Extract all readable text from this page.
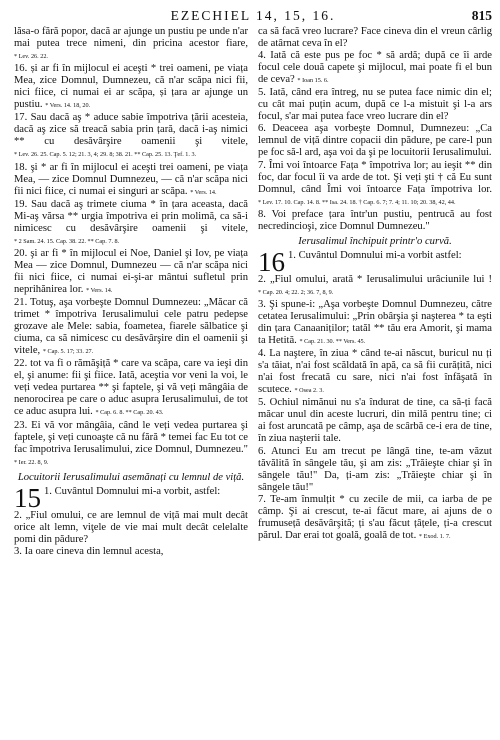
EZECHIEL 14, 15, 16.	815

lăsa-o fără popor, dacă ar ajunge un pustiu pe unde n'ar mai putea trece nimeni, din pricina acestor fiare, * Lev. 26. 22.

16. și ar fi în mijlocul ei aceşti * trei oameni, pe viața Mea, zice Domnul, Dumnezeu, că n'ar scăpa nici fii, nici fiice, ci numai ei ar scăpa, și țara ar ajunge un pustiu. * Vers. 14. 18, 20.

17. Sau dacă aş * aduce sabie împotriva țării acesteia, dacă aş zice să treacă sabia prin țară, dacă i-aş nimici ** cu desăvârşire oamenii şi vitele, * Lev. 26. 25. Cap. 5. 12; 21. 3, 4; 29. 8; 38. 21. ** Cap. 25. 13. Ţef. 1. 3.

18. şi * ar fi în mijlocul ei aceşti trei oameni, pe viața Mea, — zice Domnul Dumnezeu, — că n'ar scăpa nici fii nici fiice, ci numai ei singuri ar scăpa. * Vers. 14.

19. Sau dacă aş trimete ciuma * în țara aceasta, dacă Mi-aş vărsa ** urgia împotriva ei prin molimă, ca să-i nimicesc cu desăvârşire oamenii şi vitele, * 2 Sam. 24. 15. Cap. 38. 22. ** Cap. 7. 8.

20. şi ar fi * în mijlocul ei Noe, Daniel şi Iov, pe viața Mea — zice Domnul, Dumnezeu — că n'ar scăpa nici fii nici fiice, ci numai ei-şi-ar mântui sufletul prin neprihănirea lor. * Vers. 14.

21. Totuş, aşa vorbeşte Domnul Dumnezeu: „Măcar că trimet * împotriva Ierusalimului cele patru pedepse grozave ale Mele: sabia, foametea, fiarele sălbatice şi ciuma, ca să nimicesc cu desăvârşire din el oamenii şi vitele, * Cap. 5. 17; 33. 27.

22. tot va fi o rămăşiță * care va scăpa, care va ieşi din el, şi anume: fii şi fiice. Iată, aceştia vor veni la voi, le veți vedea purtarea ** şi faptele, şi vă veți mângâia de nenorocirea pe care o aduc asupra Ierusalimului, de tot ce aduc asupra lui. * Cap. 6. 8. ** Cap. 20. 43.

23. Ei vă vor mângâia, când le veți vedea purtarea şi faptele, şi veți cunoaşte că nu fără * temei fac Eu tot ce fac împotriva Ierusalimului, zice Domnul, Dumnezeu." * Ier. 22. 8, 9.

Locuitorii Ierusalimului asemănați cu lemnul de viță.
15 1. Cuvântul Domnului mi-a vorbit, astfel:

2. „Fiul omului, ce are lemnul de viță mai mult decât orice alt lemn, viţele de vie mai mult decât celelalte pomi din pădure?

3. Ia oare cineva din lemnul acesta,

ca să facă vreo lucrare? Face cineva din el vreun cârlig de atârnat ceva în el?

4. Iată că este pus pe foc * să ardă; după ce îi arde focul cele două capete şi mijlocul, mai poate fi el bun de ceva? * Ioan 15. 6.

5. Iată, când era întreg, nu se putea face nimic din el; cu cât mai puțin acum, după ce l-a mistuit şi l-a ars focul, s'ar mai putea face vreo lucrare din el?

6. Deaceea aşa vorbeşte Domnul, Dumnezeu: „Ca lemnul de viță dintre copacii din pădure, pe care-l pun pe foc să-l ard, aşa voi da şi pe locuitorii Ierusalimului.

7. Îmi voi întoarce Fața * împotriva lor; au ieşit ** din foc, dar focul îi va arde de tot. Şi veți şti † că Eu sunt Domnul, când Îmi voi întoarce Fața împotriva lor. * Lev. 17. 10. Cap. 14. 8. ** Isa. 24. 18. † Cap. 6. 7; 7. 4; 11. 10; 20. 38, 42, 44.

8. Voi preface țara într'un pustiu, pentrucă au fost necredincioşi, zice Domnul Dumnezeu."

Ierusalimul închipuit printr'o curvă.
16 1. Cuvântul Domnului mi-a vorbit astfel:

2. „Fiul omului, arată * Ierusalimului urâciunile lui ! * Cap. 20. 4; 22. 2; 36. 7, 8, 9.

3. Şi spune-i: „Aşa vorbeşte Domnul Dumnezeu, către cetatea Ierusalimului: „Prin obârşia şi naşterea * ta eşti din țara Canaaniților; tatăl ** tău era Amorit, şi mama ta Hetită. * Cap. 21. 30. ** Vers. 45.

4. La naştere, în ziua * când te-ai născut, buricul nu ți s'a tăiat, n'ai fost scăldată în apă, ca să fii curățită, nici n'ai fost frecată cu sare, nici n'ai fost înfăşată în scutece. * Osea 2. 3.

5. Ochiul nimănui nu s'a îndurat de tine, ca să-ți facă măcar unul din aceste lucruri, din milă pentru tine; ci ai fost aruncată pe câmp, aşa de scârbă ce-i era de tine, în ziua naşterii tale.

6. Atunci Eu am trecut pe lângă tine, te-am văzut tăvălită în sângele tău, şi am zis: „Trăieşte chiar şi în sângele tău!" Da, ți-am zis: „Trăieşte chiar şi în sângele tău!"

7. Te-am înmulțit * cu zecile de mii, ca iarba de pe câmp. Şi ai crescut, te-ai făcut mare, ai ajuns de o frumuseță desăvârşită; ți s'au făcut țâțele, ți-a crescut părul. Dar erai tot goală, goală de tot. * Exod. 1. 7.
